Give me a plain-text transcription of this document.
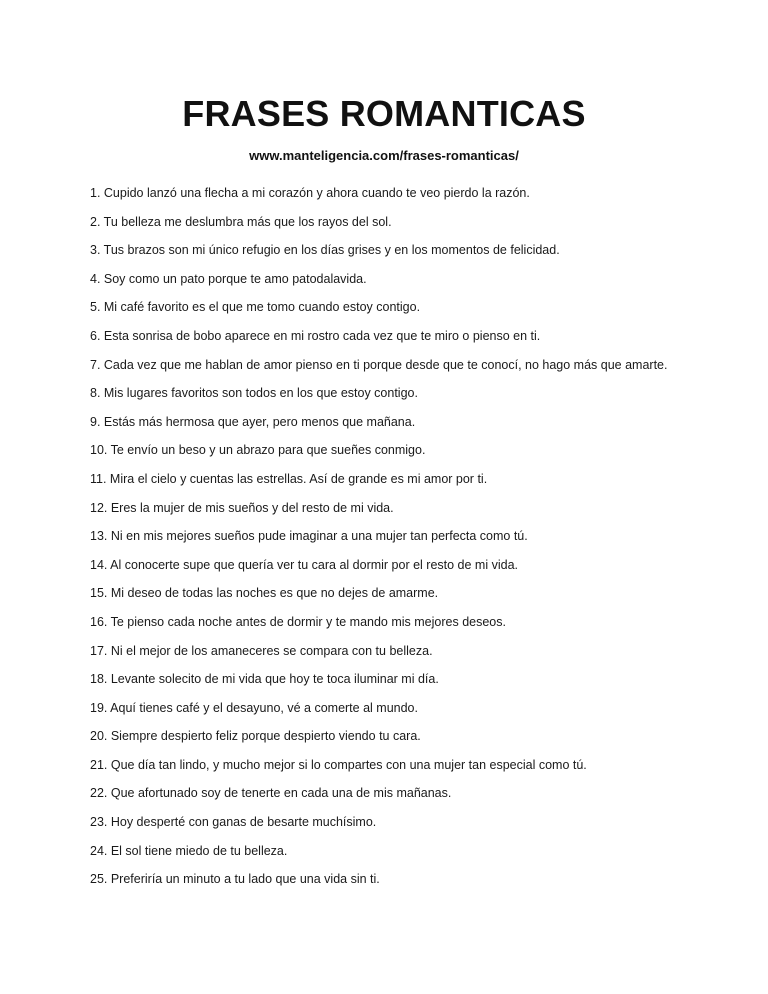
FRASES ROMANTICAS

www.manteligencia.com/frases-romanticas/

1. Cupido lanzó una flecha a mi corazón y ahora cuando te veo pierdo la razón.
2. Tu belleza me deslumbra más que los rayos del sol.
3. Tus brazos son mi único refugio en los días grises y en los momentos de felicidad.
4. Soy como un pato porque te amo patodalavida.
5. Mi café favorito es el que me tomo cuando estoy contigo.
6. Esta sonrisa de bobo aparece en mi rostro cada vez que te miro o pienso en ti.
7. Cada vez que me hablan de amor pienso en ti porque desde que te conocí, no hago más que amarte.
8. Mis lugares favoritos son todos en los que estoy contigo.
9. Estás más hermosa que ayer, pero menos que mañana.
10. Te envío un beso y un abrazo para que sueñes conmigo.
11. Mira el cielo y cuentas las estrellas. Así de grande es mi amor por ti.
12. Eres la mujer de mis sueños y del resto de mi vida.
13. Ni en mis mejores sueños pude imaginar a una mujer tan perfecta como tú.
14. Al conocerte supe que quería ver tu cara al dormir por el resto de mi vida.
15. Mi deseo de todas las noches es que no dejes de amarme.
16. Te pienso cada noche antes de dormir y te mando mis mejores deseos.
17. Ni el mejor de los amaneceres se compara con tu belleza.
18. Levante solecito de mi vida que hoy te toca iluminar mi día.
19. Aquí tienes café y el desayuno, vé a comerte al mundo.
20. Siempre despierto feliz porque despierto viendo tu cara.
21. Que día tan lindo, y mucho mejor si lo compartes con una mujer tan especial como tú.
22. Que afortunado soy de tenerte en cada una de mis mañanas.
23. Hoy desperté con ganas de besarte muchísimo.
24. El sol tiene miedo de tu belleza.
25. Preferiría un minuto a tu lado que una vida sin ti.
